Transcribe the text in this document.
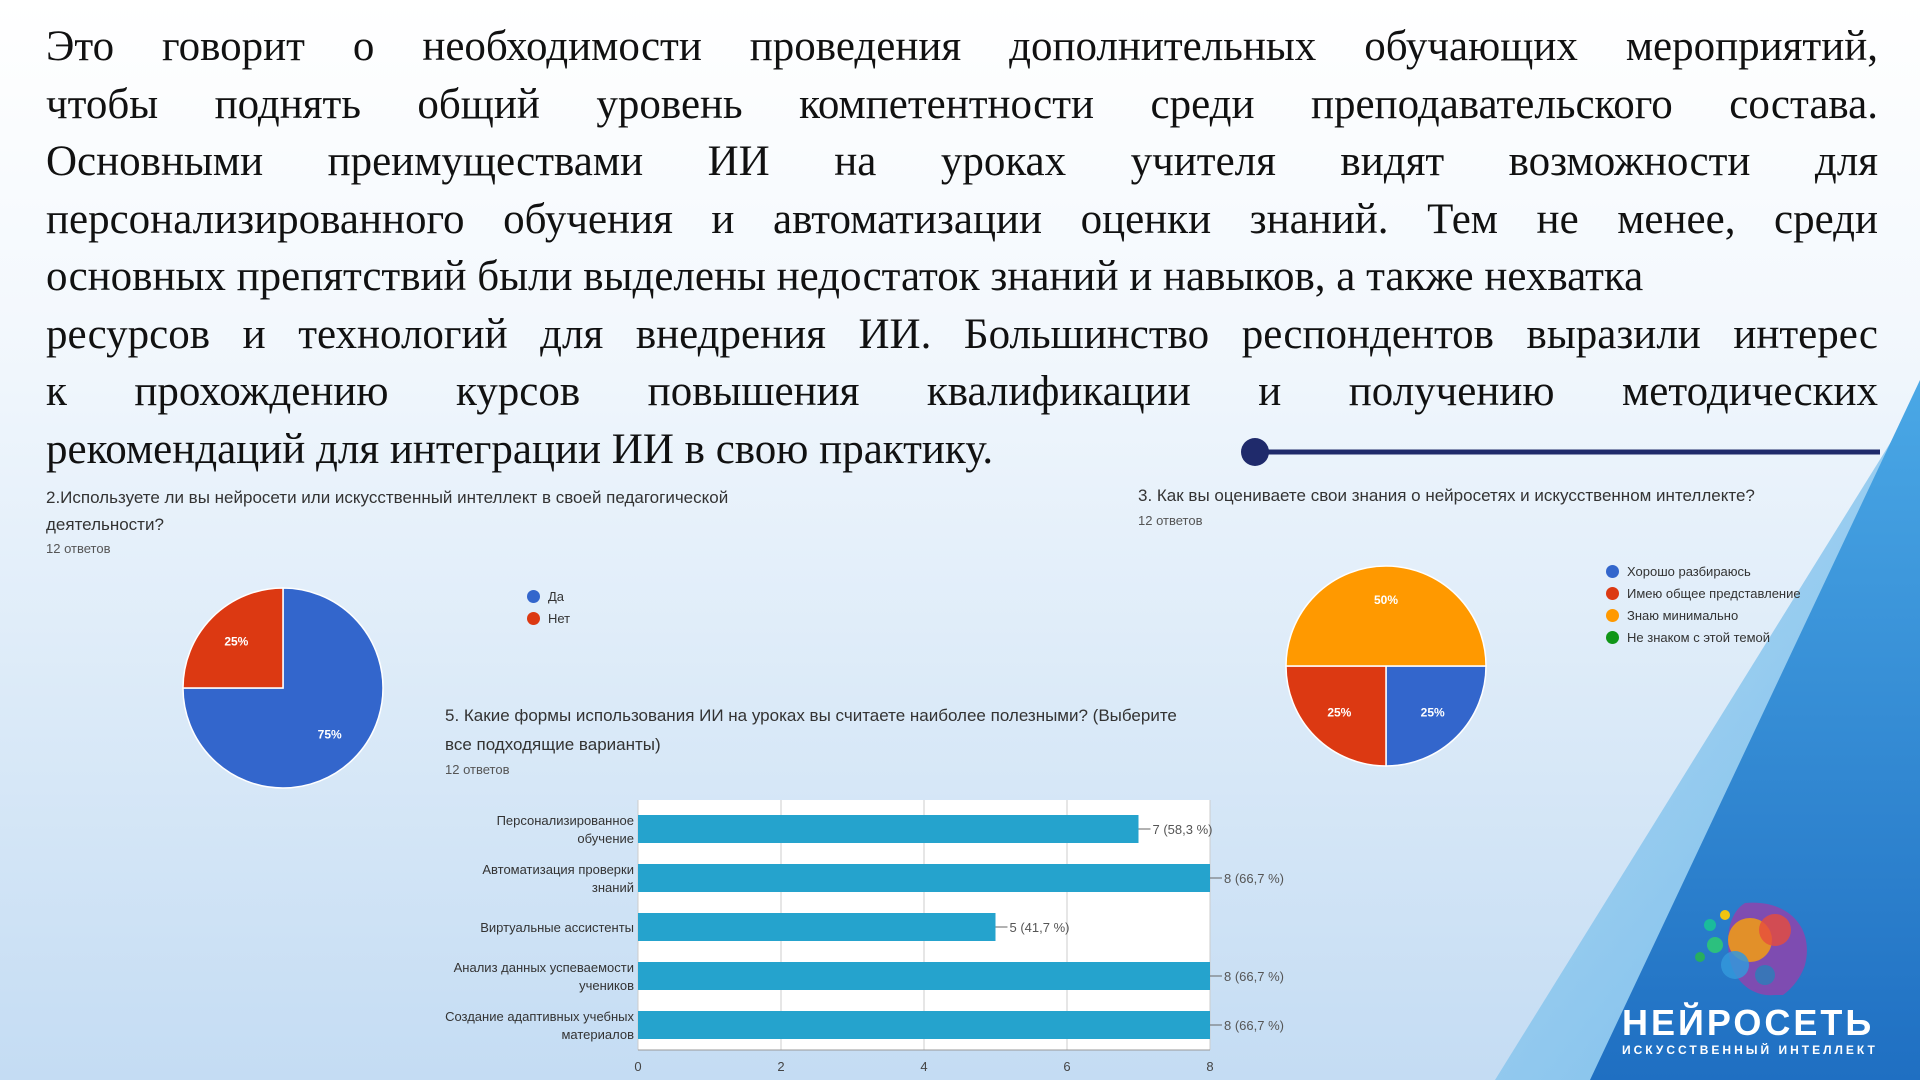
Это говорит о необходимости проведения дополнительных обучающих мероприятий,
чтобы поднять общий уровень компетентности среди преподавательского состава.
Основными преимуществами ИИ на уроках учителя видят возможности для
персонализированного обучения и автоматизации оценки знаний. Тем не менее, среди
основных препятствий были выделены недостаток знаний и навыков, а также нехватка
ресурсов и технологий для внедрения ИИ. Большинство респондентов выразили интерес
к прохождению курсов повышения квалификации и получению методических
рекомендаций для интеграции ИИ в свою практику.
2.Используете ли вы нейросети или искусственный интеллект в своей педагогической
деятельности?
12 ответов
75%
25%
Да
Нет
3. Как вы оцениваете свои знания о нейросетях и искусственном интеллекте?
12 ответов
25%
25%
50%
Хорошо разбираюсь
Имею общее представление
Знаю минимально
Не знаком с этой темой
5. Какие формы использования ИИ на уроках вы считаете наиболее полезными? (Выберите
все подходящие варианты)
12 ответов
0	2	4	6	8
7 (58,3 %)
Персонализированное обучение
8 (66,7 %)
Автоматизация проверки знаний
5 (41,7 %)
Виртуальные ассистенты
8 (66,7 %)
Анализ данных успеваемости учеников
8 (66,7 %)
Создание адаптивных учебных материалов	НЕЙРОСЕТЬ
ИСКУССТВЕННЫЙ ИНТЕЛЛЕКТ
